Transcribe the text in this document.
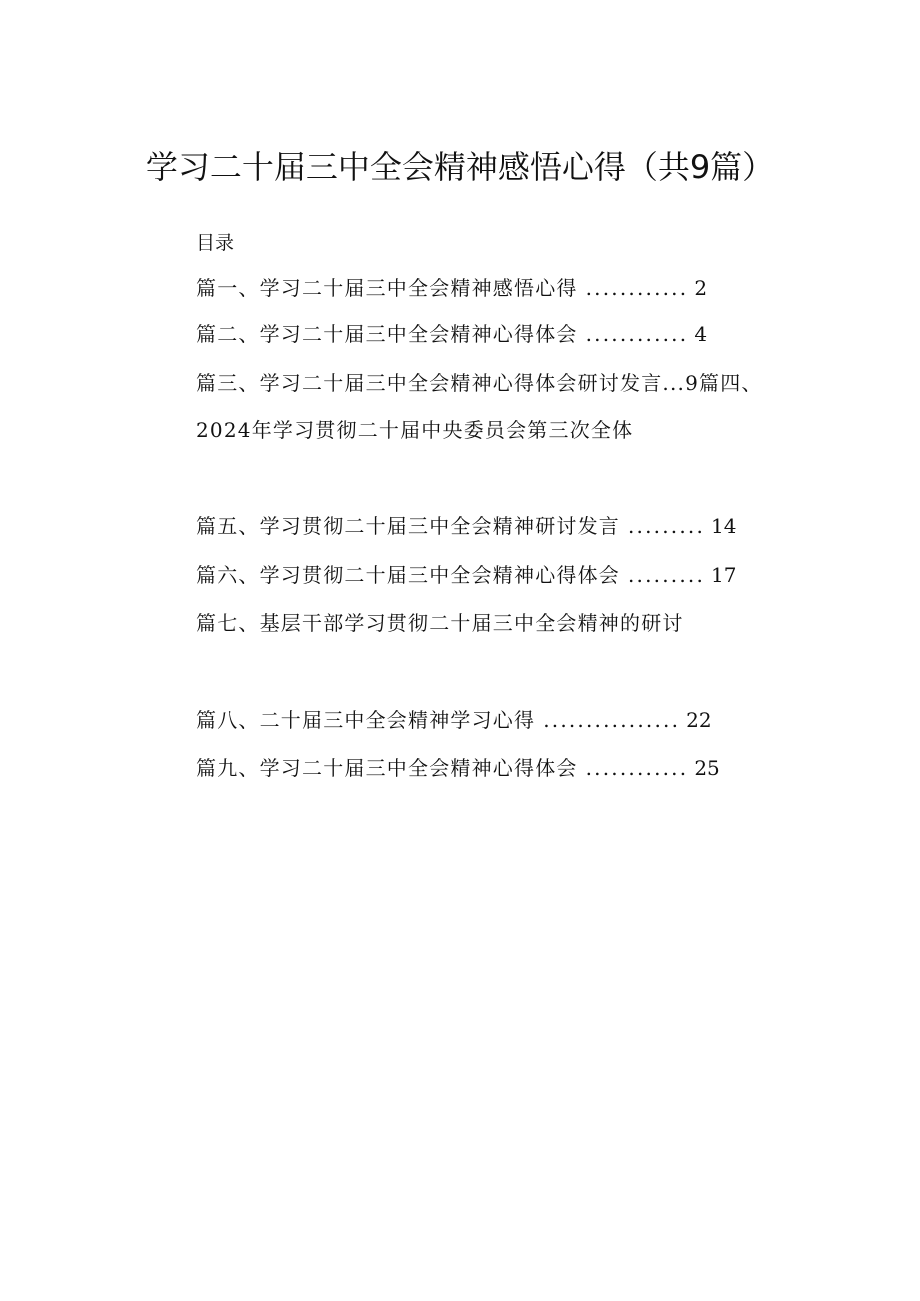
学习二十届三中全会精神感悟心得（共9篇）
目录
篇一、学习二十届三中全会精神感悟心得 ............ 2
篇二、学习二十届三中全会精神心得体会 ............ 4
篇三、学习二十届三中全会精神心得体会研讨发言...9篇四、
2024年学习贯彻二十届中央委员会第三次全体
篇五、学习贯彻二十届三中全会精神研讨发言 ......... 14
篇六、学习贯彻二十届三中全会精神心得体会 ......... 17
篇七、基层干部学习贯彻二十届三中全会精神的研讨
篇八、二十届三中全会精神学习心得 ................ 22
篇九、学习二十届三中全会精神心得体会 ............ 25
